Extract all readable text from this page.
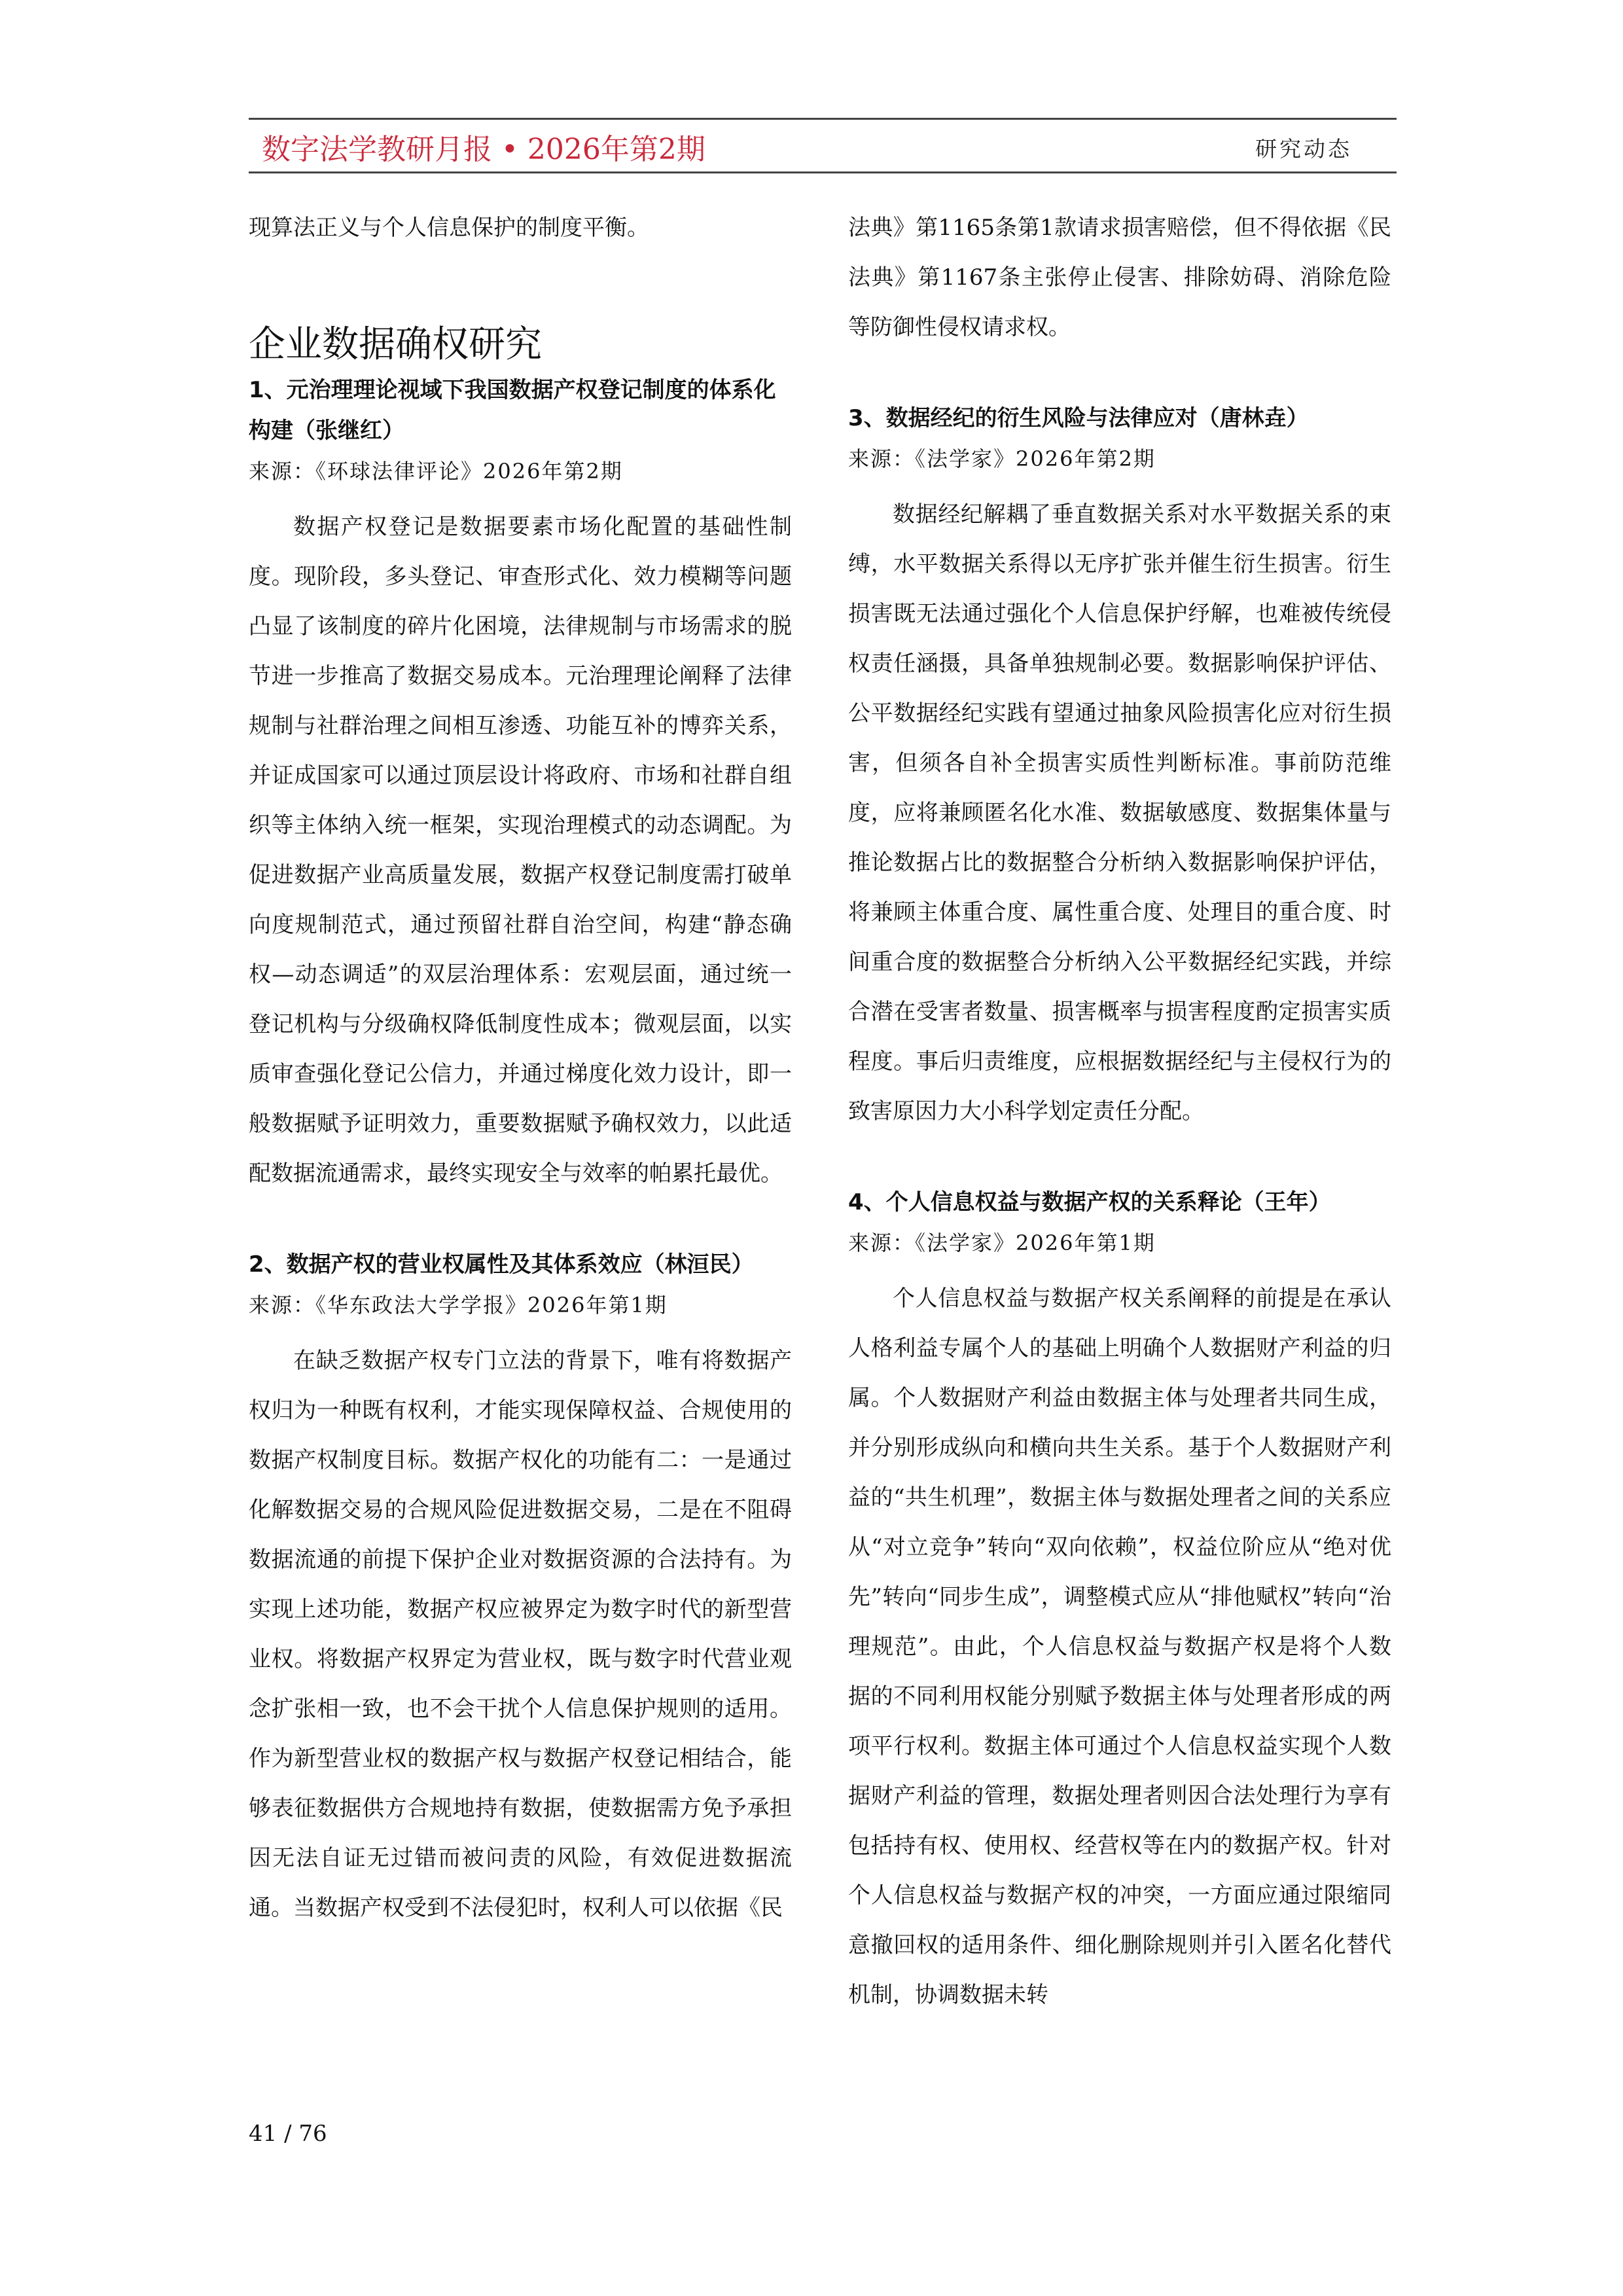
数字法学教研月报 • 2026年第2期	研究动态

现算法正义与个人信息保护的制度平衡。

企业数据确权研究
1、元治理理论视域下我国数据产权登记制度的体系化构建（张继红）
来源：《环球法律评论》2026年第2期

数据产权登记是数据要素市场化配置的基础性制度。现阶段，多头登记、审查形式化、效力模糊等问题凸显了该制度的碎片化困境，法律规制与市场需求的脱节进一步推高了数据交易成本。元治理理论阐释了法律规制与社群治理之间相互渗透、功能互补的博弈关系，并证成国家可以通过顶层设计将政府、市场和社群自组织等主体纳入统一框架，实现治理模式的动态调配。为促进数据产业高质量发展，数据产权登记制度需打破单向度规制范式，通过预留社群自治空间，构建“静态确权—动态调适”的双层治理体系：宏观层面，通过统一登记机构与分级确权降低制度性成本；微观层面，以实质审查强化登记公信力，并通过梯度化效力设计，即一般数据赋予证明效力，重要数据赋予确权效力，以此适配数据流通需求，最终实现安全与效率的帕累托最优。

2、数据产权的营业权属性及其体系效应（林洹民）
来源：《华东政法大学学报》2026年第1期

在缺乏数据产权专门立法的背景下，唯有将数据产权归为一种既有权利，才能实现保障权益、合规使用的数据产权制度目标。数据产权化的功能有二：一是通过化解数据交易的合规风险促进数据交易，二是在不阻碍数据流通的前提下保护企业对数据资源的合法持有。为实现上述功能，数据产权应被界定为数字时代的新型营业权。将数据产权界定为营业权，既与数字时代营业观念扩张相一致，也不会干扰个人信息保护规则的适用。作为新型营业权的数据产权与数据产权登记相结合，能够表征数据供方合规地持有数据，使数据需方免予承担因无法自证无过错而被问责的风险，有效促进数据流通。当数据产权受到不法侵犯时，权利人可以依据《民

法典》第1165条第1款请求损害赔偿，但不得依据《民法典》第1167条主张停止侵害、排除妨碍、消除危险等防御性侵权请求权。

3、数据经纪的衍生风险与法律应对（唐林垚）
来源：《法学家》2026年第2期

数据经纪解耦了垂直数据关系对水平数据关系的束缚，水平数据关系得以无序扩张并催生衍生损害。衍生损害既无法通过强化个人信息保护纾解，也难被传统侵权责任涵摄，具备单独规制必要。数据影响保护评估、公平数据经纪实践有望通过抽象风险损害化应对衍生损害，但须各自补全损害实质性判断标准。事前防范维度，应将兼顾匿名化水准、数据敏感度、数据集体量与推论数据占比的数据整合分析纳入数据影响保护评估，将兼顾主体重合度、属性重合度、处理目的重合度、时间重合度的数据整合分析纳入公平数据经纪实践，并综合潜在受害者数量、损害概率与损害程度酌定损害实质程度。事后归责维度，应根据数据经纪与主侵权行为的致害原因力大小科学划定责任分配。

4、个人信息权益与数据产权的关系释论（王年）
来源：《法学家》2026年第1期

个人信息权益与数据产权关系阐释的前提是在承认人格利益专属个人的基础上明确个人数据财产利益的归属。个人数据财产利益由数据主体与处理者共同生成，并分别形成纵向和横向共生关系。基于个人数据财产利益的“共生机理”，数据主体与数据处理者之间的关系应从“对立竞争”转向“双向依赖”，权益位阶应从“绝对优先”转向“同步生成”，调整模式应从“排他赋权”转向“治理规范”。由此，个人信息权益与数据产权是将个人数据的不同利用权能分别赋予数据主体与处理者形成的两项平行权利。数据主体可通过个人信息权益实现个人数据财产利益的管理，数据处理者则因合法处理行为享有包括持有权、使用权、经营权等在内的数据产权。针对个人信息权益与数据产权的冲突，一方面应通过限缩同意撤回权的适用条件、细化删除规则并引入匿名化替代机制，协调数据未转

41 / 76
